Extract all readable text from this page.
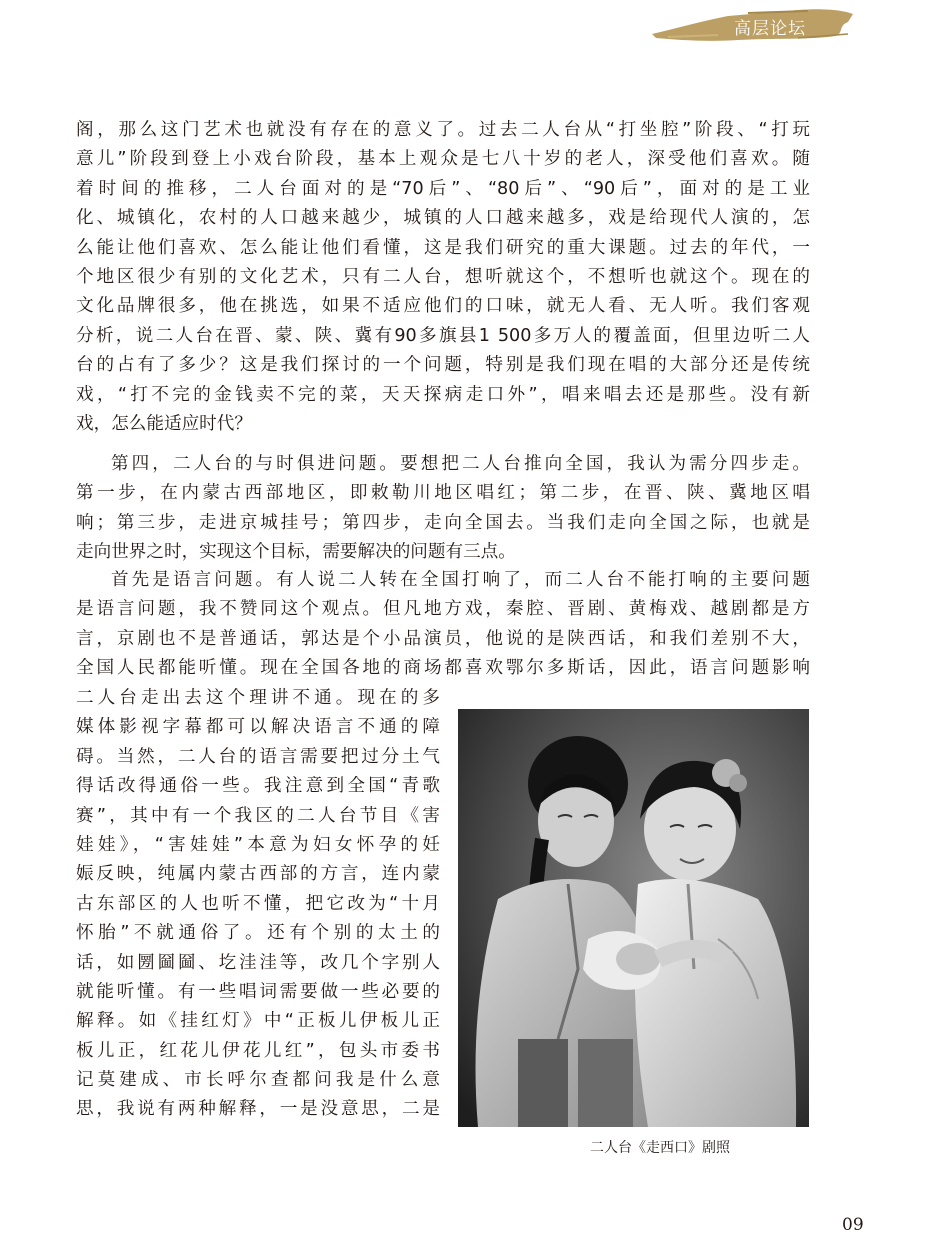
高层论坛
阁，那么这门艺术也就没有存在的意义了。过去二人台从“打坐腔”阶段、“打玩
意儿”阶段到登上小戏台阶段，基本上观众是七八十岁的老人，深受他们喜欢。随
着时间的推移，二人台面对的是“70后”、“80后”、“90后”，面对的是工业
化、城镇化，农村的人口越来越少，城镇的人口越来越多，戏是给现代人演的，怎
么能让他们喜欢、怎么能让他们看懂，这是我们研究的重大课题。过去的年代，一
个地区很少有别的文化艺术，只有二人台，想听就这个，不想听也就这个。现在的
文化品牌很多，他在挑选，如果不适应他们的口味，就无人看、无人听。我们客观
分析，说二人台在晋、蒙、陕、冀有90多旗县1 500多万人的覆盖面，但里边听二人
台的占有了多少？这是我们探讨的一个问题，特别是我们现在唱的大部分还是传统
戏，“打不完的金钱卖不完的菜，天天探病走口外”，唱来唱去还是那些。没有新
戏，怎么能适应时代？
第四，二人台的与时俱进问题。要想把二人台推向全国，我认为需分四步走。
第一步，在内蒙古西部地区，即敕勒川地区唱红；第二步，在晋、陕、冀地区唱
响；第三步，走进京城挂号；第四步，走向全国去。当我们走向全国之际，也就是
走向世界之时，实现这个目标，需要解决的问题有三点。
首先是语言问题。有人说二人转在全国打响了，而二人台不能打响的主要问题
是语言问题，我不赞同这个观点。但凡地方戏，秦腔、晋剧、黄梅戏、越剧都是方
言，京剧也不是普通话，郭达是个小品演员，他说的是陕西话，和我们差别不大，
全国人民都能听懂。现在全国各地的商场都喜欢鄂尔多斯话，因此，语言问题影响
二人台走出去这个理讲不通。现在的多
媒体影视字幕都可以解决语言不通的障
碍。当然，二人台的语言需要把过分土气
得话改得通俗一些。我注意到全国“青歌
赛”，其中有一个我区的二人台节目《害
娃娃》，“害娃娃”本意为妇女怀孕的妊
娠反映，纯属内蒙古西部的方言，连内蒙
古东部区的人也听不懂，把它改为“十月
怀胎”不就通俗了。还有个别的太土的
话，如圐圙圙、圪洼洼等，改几个字别人
就能听懂。有一些唱词需要做一些必要的
解释。如《挂红灯》中“正板儿伊板儿正
板儿正，红花儿伊花儿红”，包头市委书
记莫建成、市长呼尔查都问我是什么意
思，我说有两种解释，一是没意思，二是
二人台《走西口》剧照
09
